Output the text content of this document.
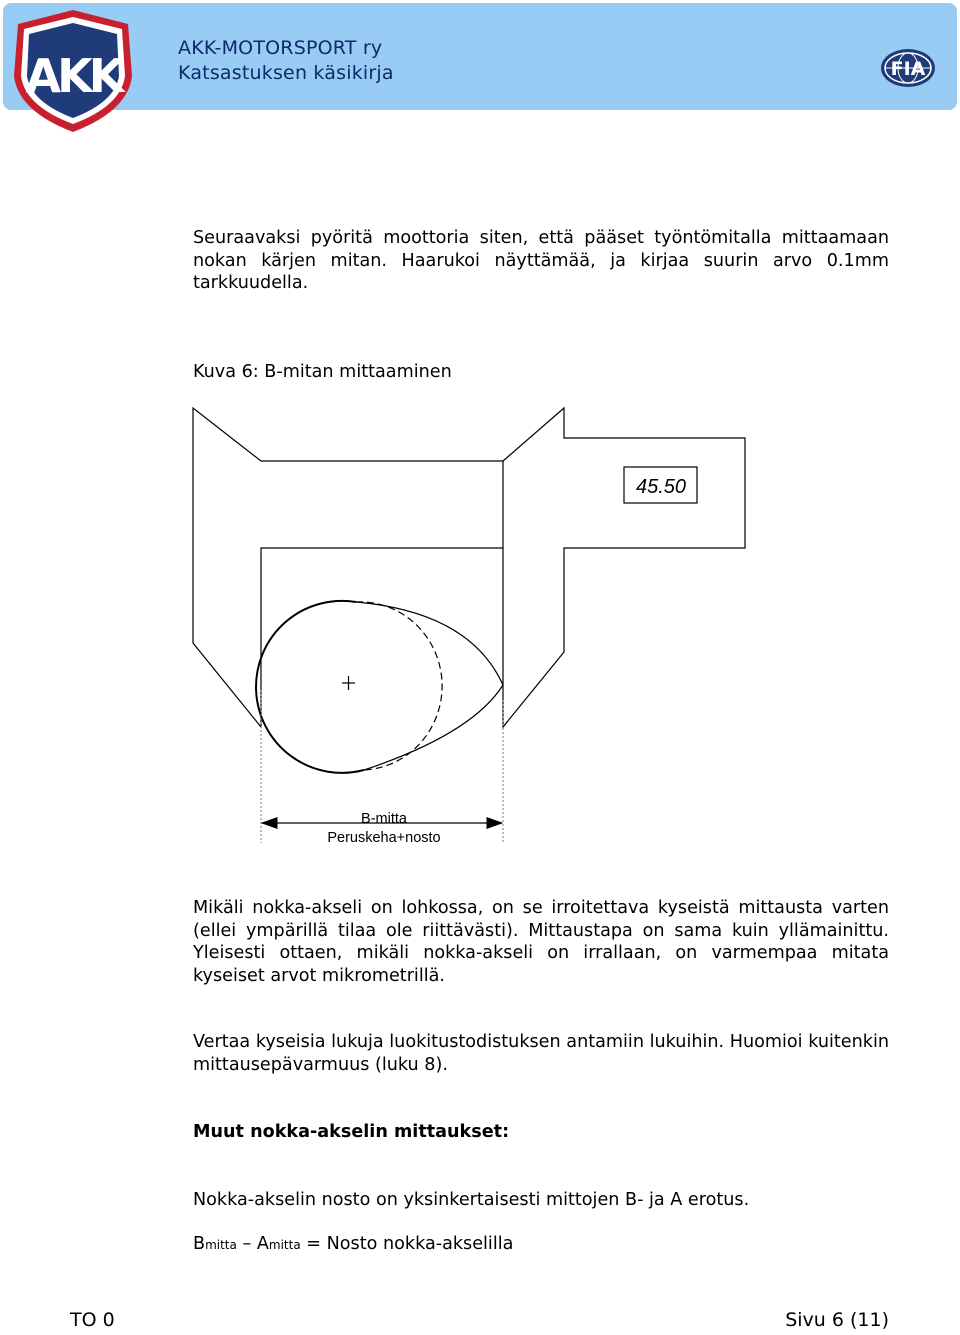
AKK
AKK-MOTORSPORT ry
Katsastuksen käsikirja	FIA

Seuraavaksi pyöritä moottoria siten, että pääset työntömitalla mittaamaan nokan kärjen mitan. Haarukoi näyttämää, ja kirjaa suurin arvo 0.1mm tarkkuudella.

Kuva 6: B-mitan mittaaminen

45.50
B-mitta
Peruskeha+nosto

Mikäli nokka-akseli on lohkossa, on se irroitettava kyseistä mittausta varten (ellei ympärillä tilaa ole riittävästi). Mittaustapa on sama kuin yllämainittu. Yleisesti ottaen, mikäli nokka-akseli on irrallaan, on varmempaa mitata kyseiset arvot mikrometrillä.

Vertaa kyseisia lukuja luokitustodistuksen antamiin lukuihin. Huomioi kuitenkin mittausepävarmuus (luku 8).

Muut nokka-akselin mittaukset:

Nokka-akselin nosto on yksinkertaisesti mittojen B- ja A erotus.

Bmitta – Amitta = Nosto nokka-akselilla

TO 0	Sivu 6 (11)
